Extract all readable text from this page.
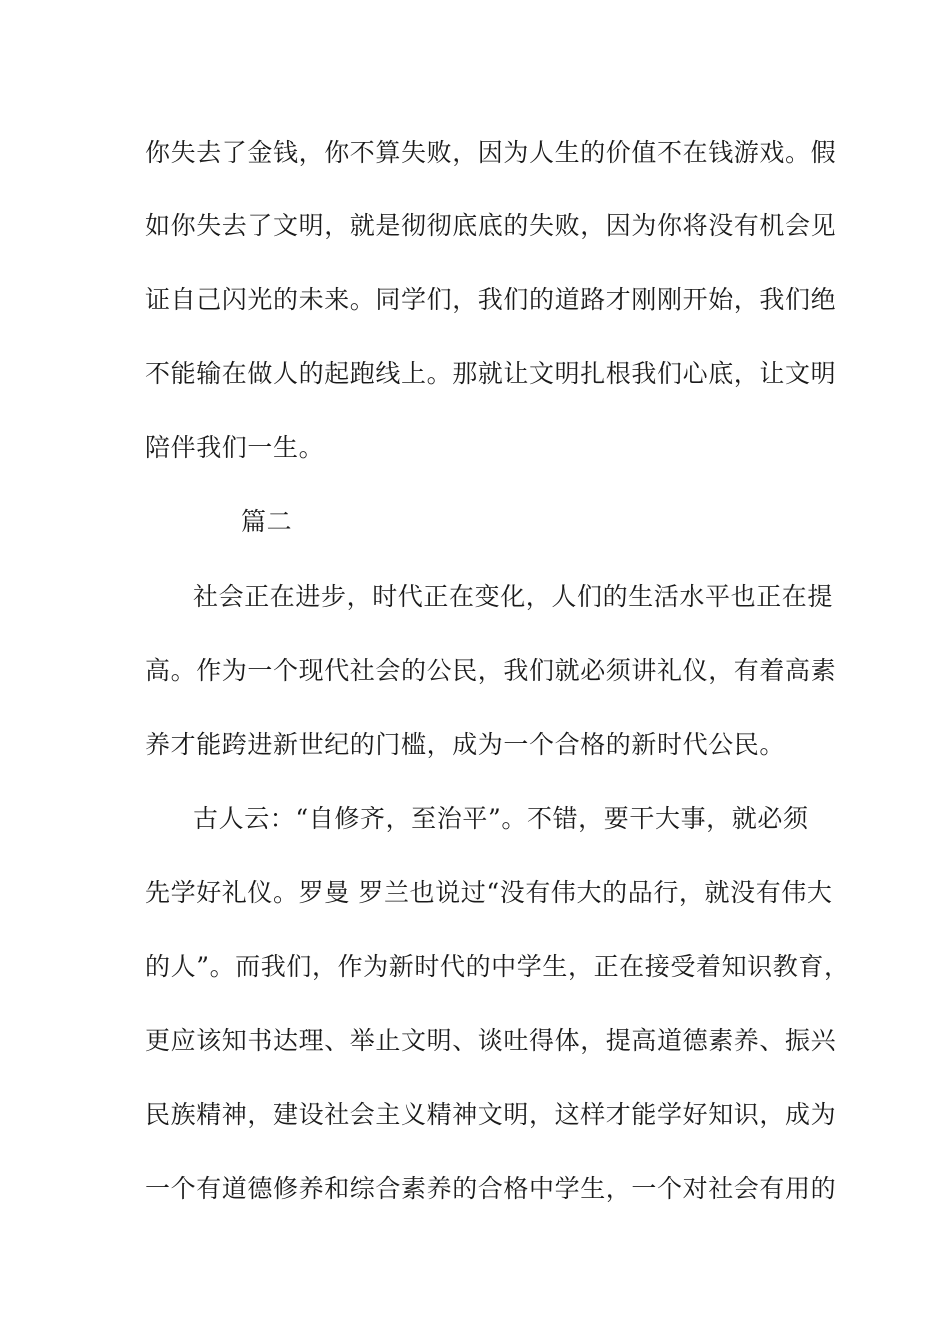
你失去了金钱，你不算失败，因为人生的价值不在钱游戏。假
如你失去了文明，就是彻彻底底的失败，因为你将没有机会见
证自己闪光的未来。同学们，我们的道路才刚刚开始，我们绝
不能输在做人的起跑线上。那就让文明扎根我们心底，让文明
陪伴我们一生。
篇二
社会正在进步，时代正在变化，人们的生活水平也正在提
高。作为一个现代社会的公民，我们就必须讲礼仪，有着高素
养才能跨进新世纪的门槛，成为一个合格的新时代公民。
古人云：“自修齐，至治平”。不错，要干大事，就必须
先学好礼仪。罗曼 罗兰也说过“没有伟大的品行，就没有伟大
的人”。而我们，作为新时代的中学生，正在接受着知识教育，
更应该知书达理、举止文明、谈吐得体，提高道德素养、振兴
民族精神，建设社会主义精神文明，这样才能学好知识，成为
一个有道德修养和综合素养的合格中学生，一个对社会有用的
